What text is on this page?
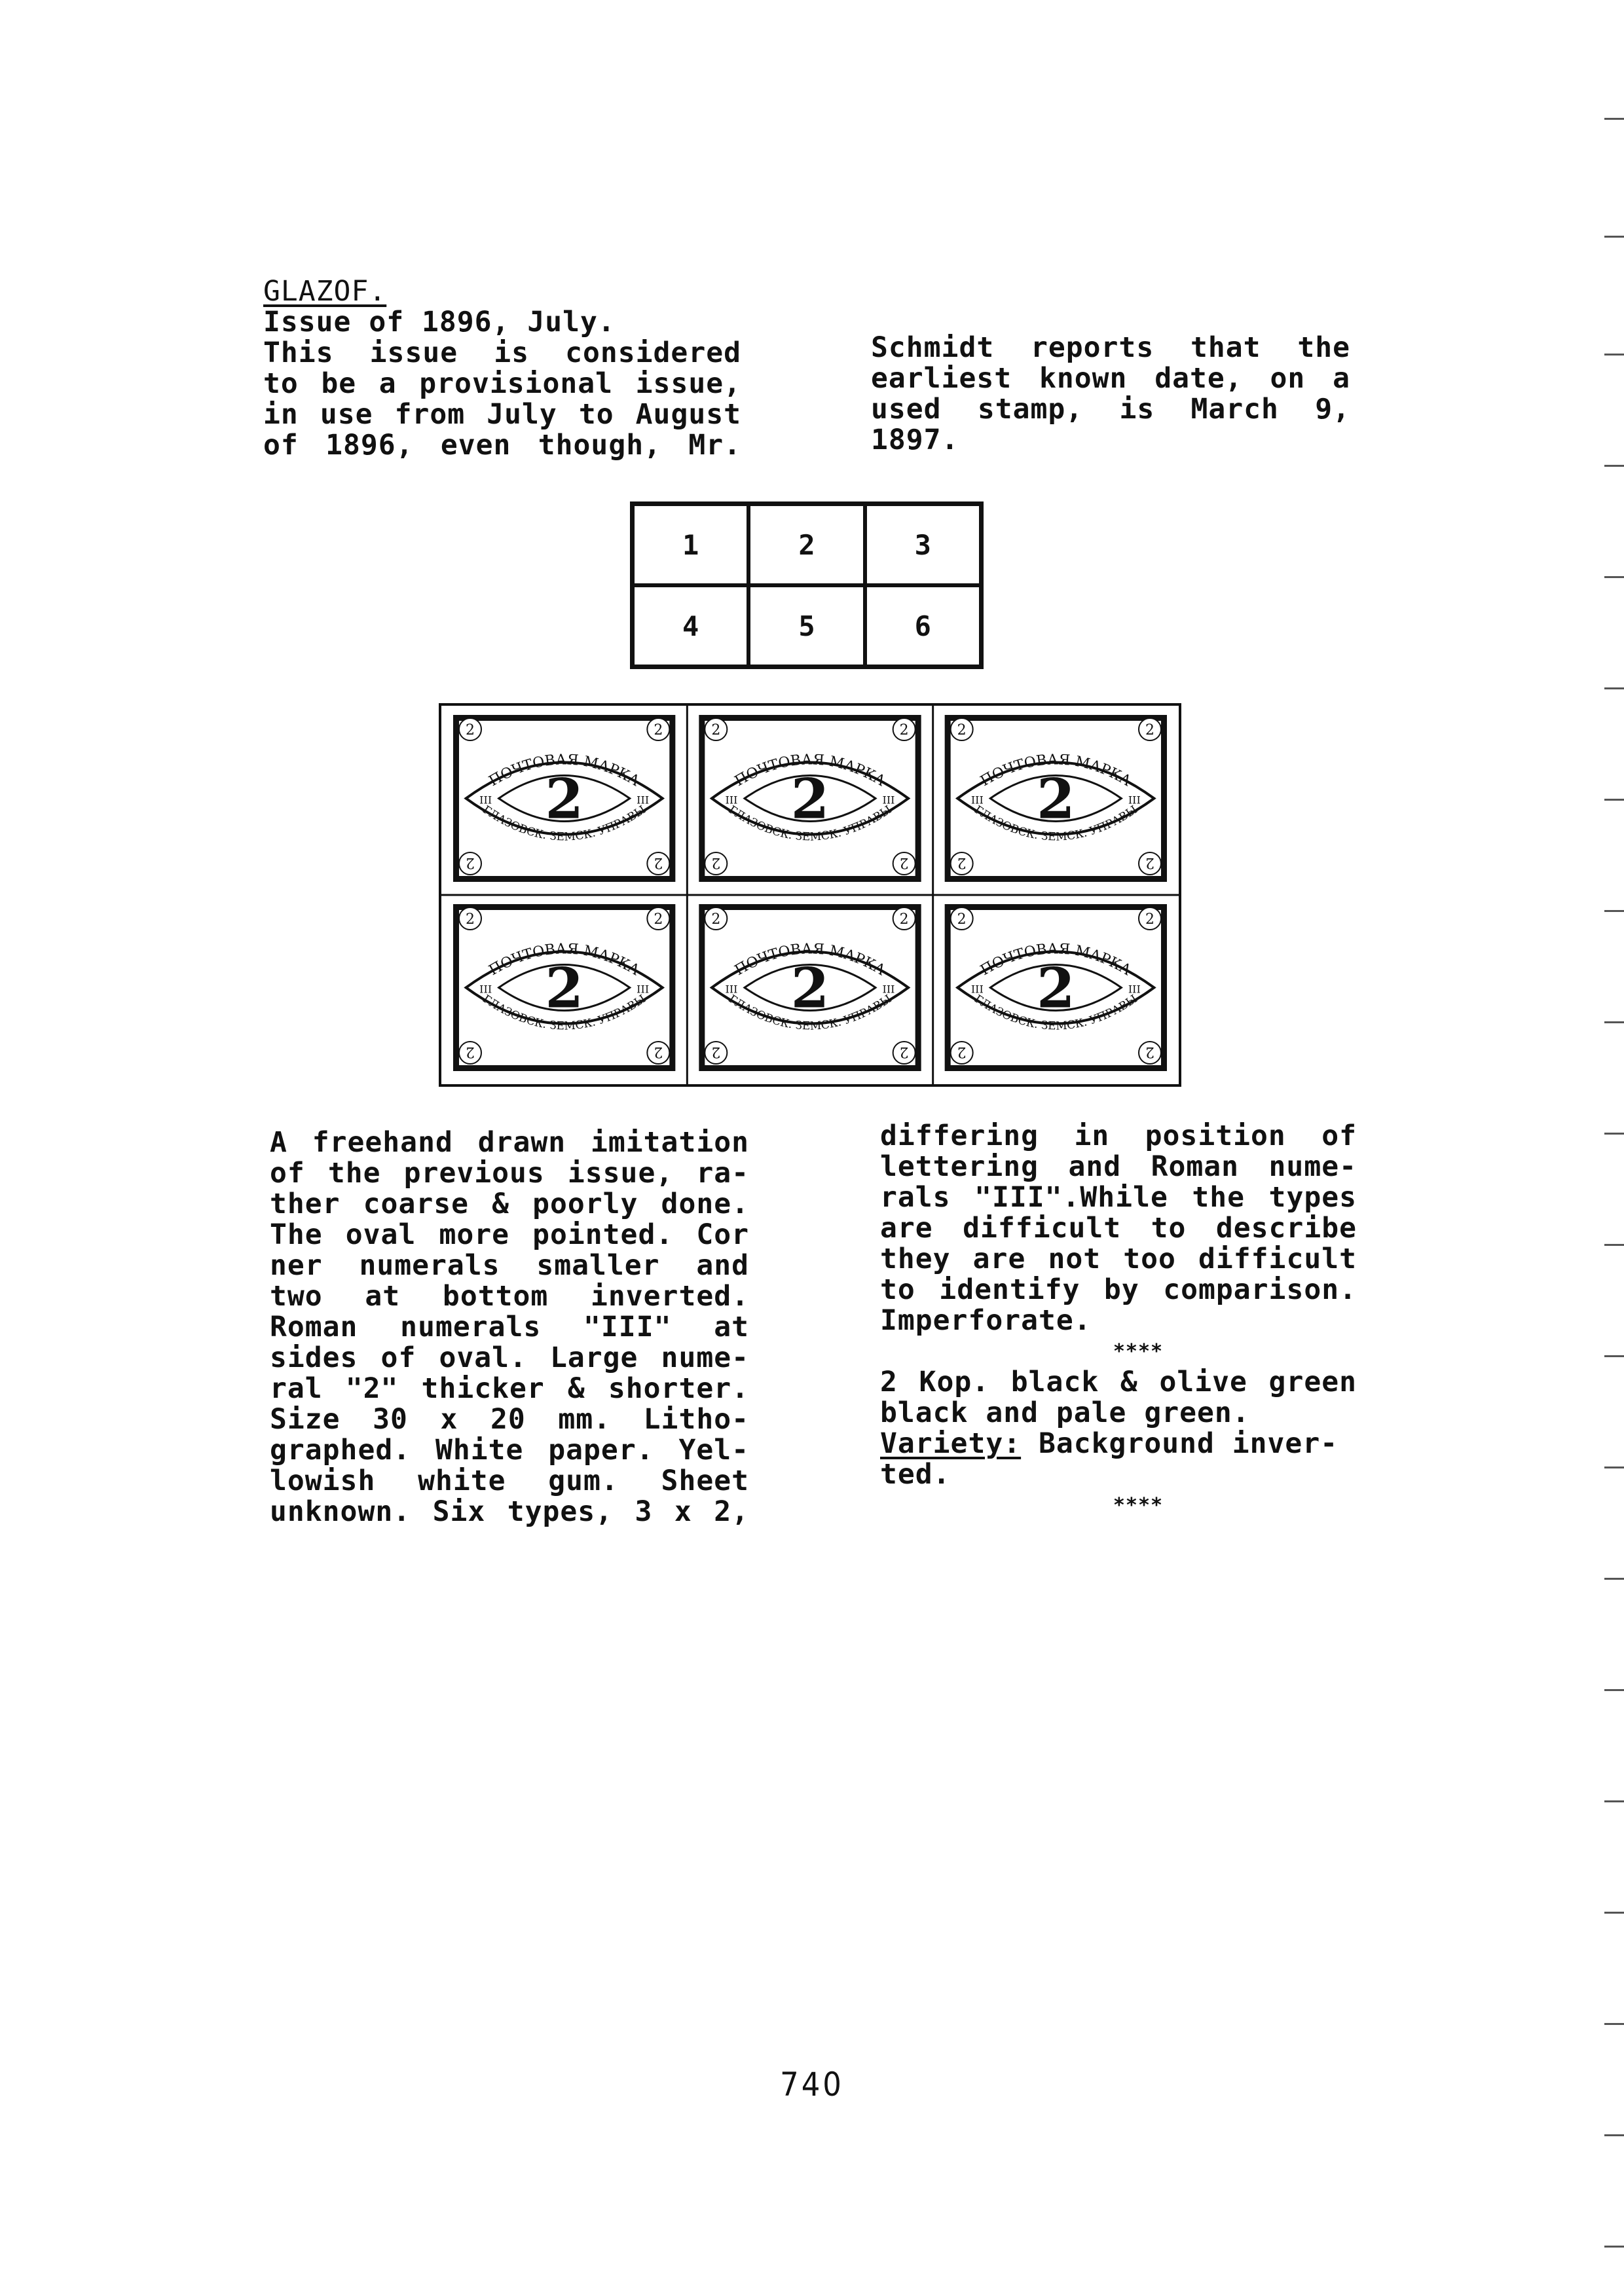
GLAZOF.
Issue of 1896, July.
This issue is considered
to be a provisional issue,
in use from July to August
of 1896, even though, Mr.
Schmidt reports that the
earliest known date, on a
used stamp, is March 9,
1897.
1	2	3
4	5	6
ПОЧТОВАЯ МАРКА
ГЛАЗОВСК. ЗЕМСК. УПРАВЫ
2
III	III
2	2
2	2
ПОЧТОВАЯ МАРКА
ГЛАЗОВСК. ЗЕМСК. УПРАВЫ
2
III	III
2	2
2	2
ПОЧТОВАЯ МАРКА
ГЛАЗОВСК. ЗЕМСК. УПРАВЫ
2
III	III
2	2
2	2
ПОЧТОВАЯ МАРКА
ГЛАЗОВСК. ЗЕМСК. УПРАВЫ
2
III	III
2	2
2	2
ПОЧТОВАЯ МАРКА
ГЛАЗОВСК. ЗЕМСК. УПРАВЫ
2
III	III
2	2
2	2
ПОЧТОВАЯ МАРКА
ГЛАЗОВСК. ЗЕМСК. УПРАВЫ
2
III	III
2	2
2	2
A freehand drawn imitation
of the previous issue, ra-
ther coarse & poorly done.
The oval more pointed. Cor
ner numerals smaller and
two at bottom inverted.
Roman numerals "III" at
sides of oval. Large nume-
ral "2" thicker & shorter.
Size 30 x 20 mm. Litho-
graphed. White paper. Yel-
lowish white gum. Sheet
unknown. Six types, 3 x 2,
differing in position of
lettering and Roman nume-
rals "III".While the types
are difficult to describe
they are not too difficult
to identify by comparison.
Imperforate.
****
2 Kop. black & olive green
black and pale green.
Variety: Background inver-
ted.
****
740
